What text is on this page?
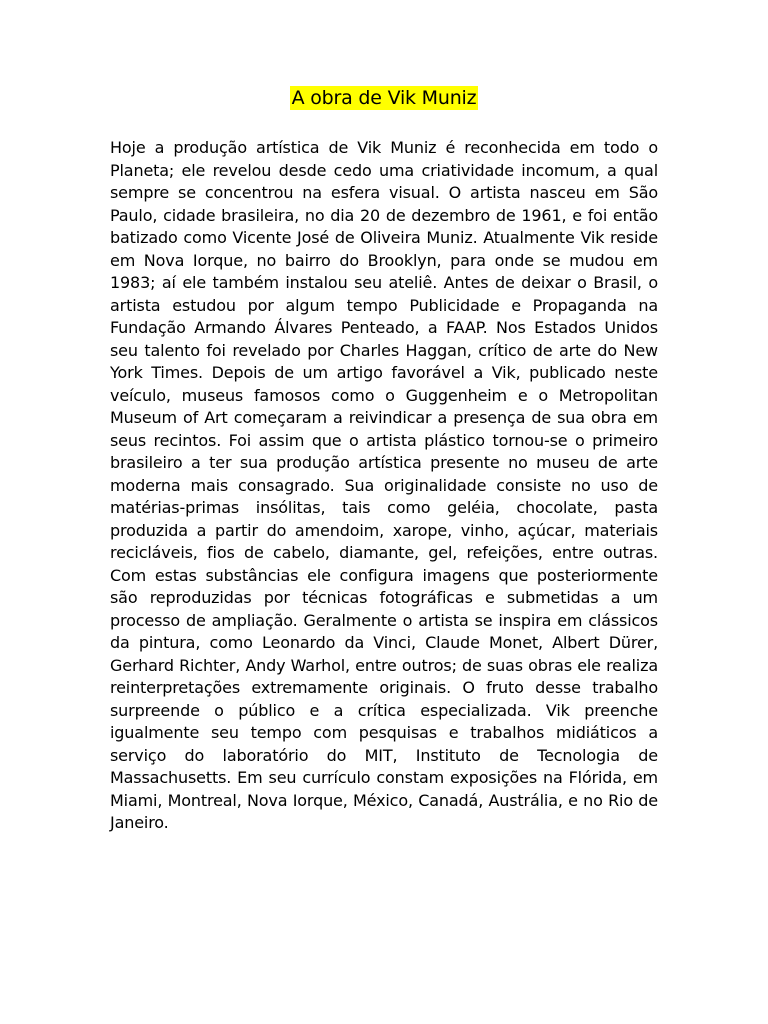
A obra de Vik Muniz

Hoje a produção artística de Vik Muniz é reconhecida em todo o Planeta; ele revelou desde cedo uma criatividade incomum, a qual sempre se concentrou na esfera visual. O artista nasceu em São Paulo, cidade brasileira, no dia 20 de dezembro de 1961, e foi então batizado como Vicente José de Oliveira Muniz. Atualmente Vik reside em Nova Iorque, no bairro do Brooklyn, para onde se mudou em 1983; aí ele também instalou seu ateliê. Antes de deixar o Brasil, o artista estudou por algum tempo Publicidade e Propaganda na Fundação Armando Álvares Penteado, a FAAP. Nos Estados Unidos seu talento foi revelado por Charles Haggan, crítico de arte do New York Times. Depois de um artigo favorável a Vik, publicado neste veículo, museus famosos como o Guggenheim e o Metropolitan Museum of Art começaram a reivindicar a presença de sua obra em seus recintos. Foi assim que o artista plástico tornou-se o primeiro brasileiro a ter sua produção artística presente no museu de arte moderna mais consagrado. Sua originalidade consiste no uso de matérias-primas insólitas, tais como geléia, chocolate, pasta produzida a partir do amendoim, xarope, vinho, açúcar, materiais recicláveis, fios de cabelo, diamante, gel, refeições, entre outras. Com estas substâncias ele configura imagens que posteriormente são reproduzidas por técnicas fotográficas e submetidas a um processo de ampliação. Geralmente o artista se inspira em clássicos da pintura, como Leonardo da Vinci, Claude Monet, Albert Dürer, Gerhard Richter, Andy Warhol, entre outros; de suas obras ele realiza reinterpretações extremamente originais. O fruto desse trabalho surpreende o público e a crítica especializada. Vik preenche igualmente seu tempo com pesquisas e trabalhos midiáticos a serviço do laboratório do MIT, Instituto de Tecnologia de Massachusetts. Em seu currículo constam exposições na Flórida, em Miami, Montreal, Nova Iorque, México, Canadá, Austrália, e no Rio de Janeiro.
